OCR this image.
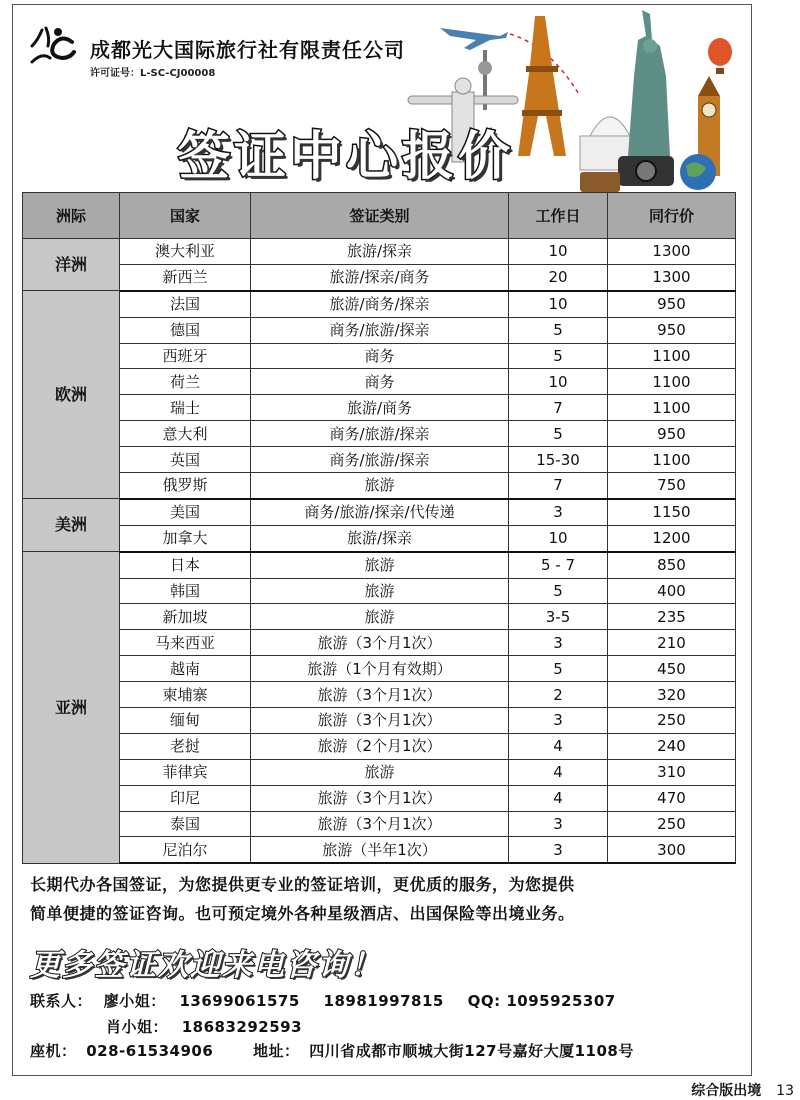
成都光大国际旅行社有限责任公司
许可证号：L-SC-CJ00008
签证中心报价
洲际	国家	签证类别	工作日	同行价
洋洲	澳大利亚	旅游/探亲	10	1300
	新西兰	旅游/探亲/商务	20	1300
欧洲	法国	旅游/商务/探亲	10	950
	德国	商务/旅游/探亲	5	950
	西班牙	商务	5	1100
	荷兰	商务	10	1100
	瑞士	旅游/商务	7	1100
	意大利	商务/旅游/探亲	5	950
	英国	商务/旅游/探亲	15-30	1100
	俄罗斯	旅游	7	750
美洲	美国	商务/旅游/探亲/代传递	3	1150
	加拿大	旅游/探亲	10	1200
亚洲	日本	旅游	5 - 7	850
	韩国	旅游	5	400
	新加坡	旅游	3-5	235
	马来西亚	旅游（3个月1次）	3	210
	越南	旅游（1个月有效期）	5	450
	柬埔寨	旅游（3个月1次）	2	320
	缅甸	旅游（3个月1次）	3	250
	老挝	旅游（2个月1次）	4	240
	菲律宾	旅游	4	310
	印尼	旅游（3个月1次）	4	470
	泰国	旅游（3个月1次）	3	250
	尼泊尔	旅游（半年1次）	3	300
长期代办各国签证，为您提供更专业的签证培训，更优质的服务，为您提供
简单便捷的签证咨询。也可预定境外各种星级酒店、出国保险等出境业务。
更多签证欢迎来电咨询！
联系人： 廖小姐： 13699061575 18981997815 QQ: 1095925307
肖小姐： 18683292593
座机： 028-61534906	地址： 四川省成都市顺城大街127号嘉好大厦1108号
综合版出境 13
